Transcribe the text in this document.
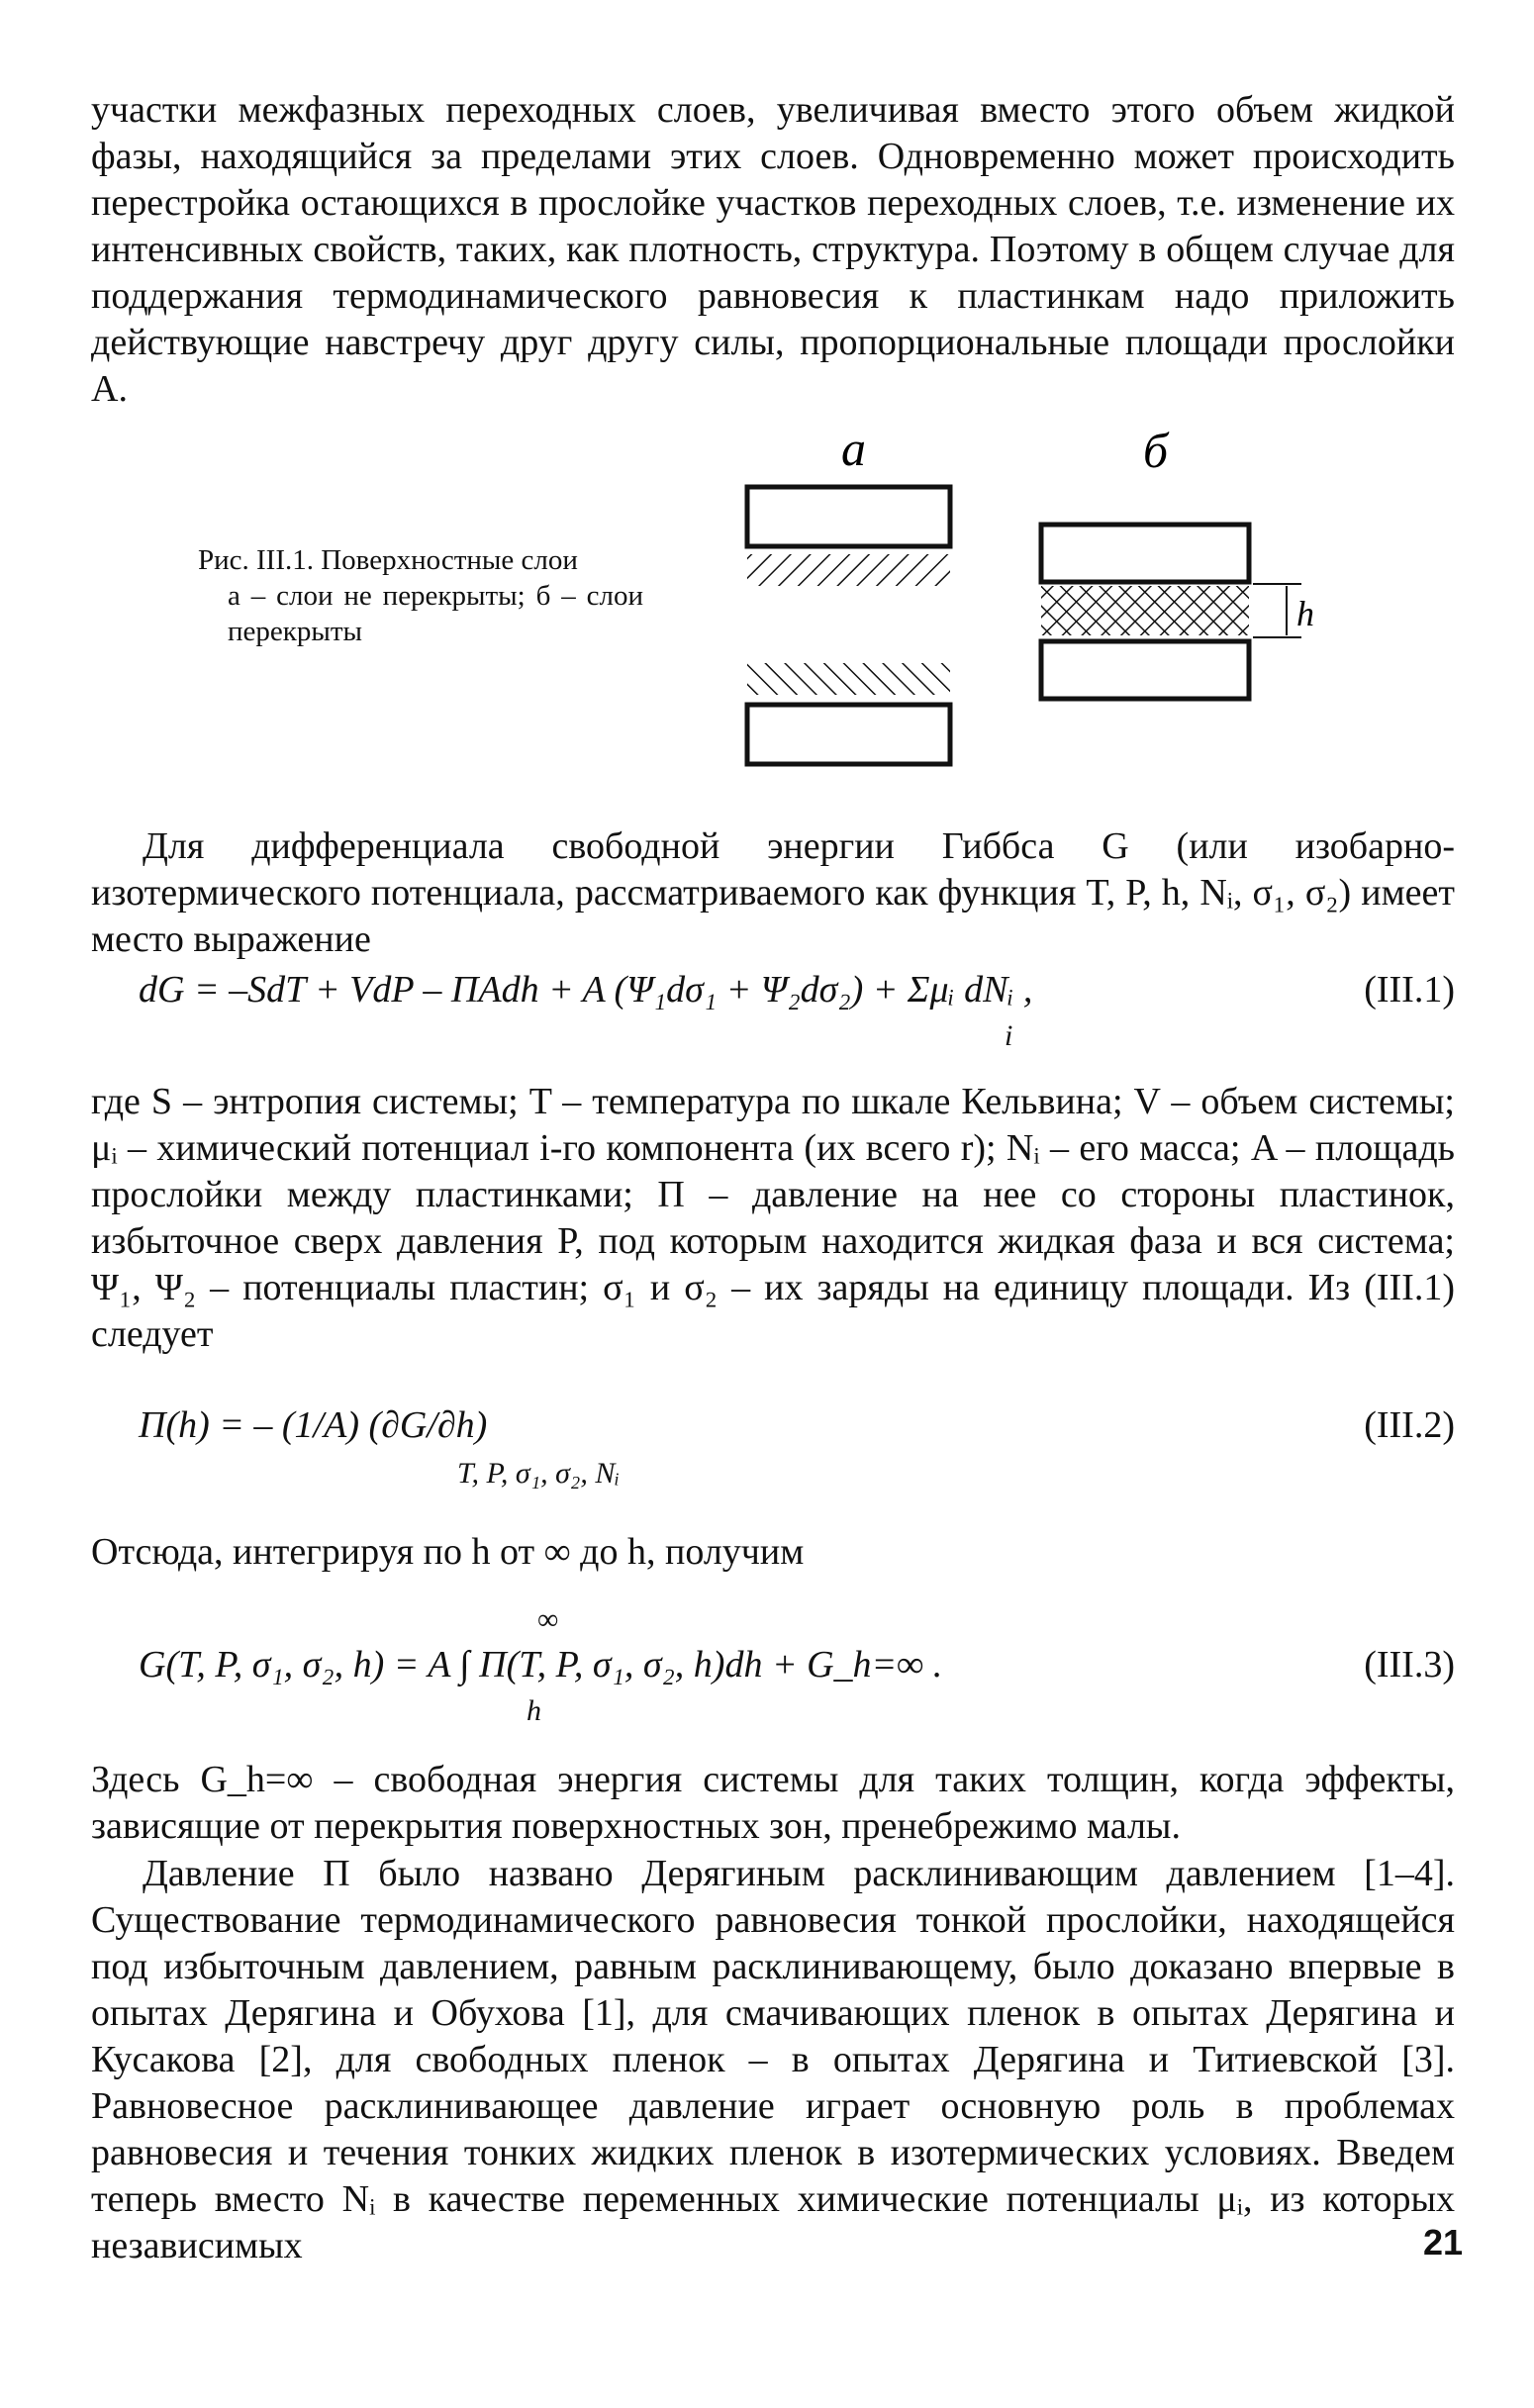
участки межфазных переходных слоев, увеличивая вместо этого объем жидкой фазы, находящийся за пределами этих слоев. Одновременно может происходить перестройка остающихся в прослойке участков переходных слоев, т.е. изменение их интенсивных свойств, таких, как плотность, структура. Поэтому в общем случае для поддержания термодинамического равновесия к пластинкам надо приложить действующие навстречу друг другу силы, пропорциональные площади прослойки A.

Рис. III.1. Поверхностные слои
а – слои не перекрыты; б – слои перекрыты
a	б
h

Для дифференциала свободной энергии Гиббса G (или изобарно-изотермического потенциала, рассматриваемого как функция T, P, h, Nᵢ, σ₁, σ₂) имеет место выражение

dG = –SdT + VdP – ΠAdh + A (Ψ₁dσ₁ + Ψ₂dσ₂) + Σμᵢ dNᵢ ,
i
(III.1)

где S – энтропия системы; T – температура по шкале Кельвина; V – объем системы; μᵢ – химический потенциал i-го компонента (их всего r); Nᵢ – его масса; A – площадь прослойки между пластинками; Π – давление на нее со стороны пластинок, избыточное сверх давления P, под которым находится жидкая фаза и вся система; Ψ₁, Ψ₂ – потенциалы пластин; σ₁ и σ₂ – их заряды на единицу площади. Из (III.1) следует

Π(h) = – (1/A) (∂G/∂h)
T, P, σ₁, σ₂, Nᵢ
(III.2)

Отсюда, интегрируя по h от ∞ до h, получим

∞
G(T, P, σ₁, σ₂, h) = A ∫ Π(T, P, σ₁, σ₂, h)dh + G_h=∞ .
h
(III.3)

Здесь G_h=∞ – свободная энергия системы для таких толщин, когда эффекты, зависящие от перекрытия поверхностных зон, пренебрежимо малы.

Давление Π было названо Дерягиным расклинивающим давлением [1–4]. Существование термодинамического равновесия тонкой прослойки, находящейся под избыточным давлением, равным расклинивающему, было доказано впервые в опытах Дерягина и Обухова [1], для смачивающих пленок в опытах Дерягина и Кусакова [2], для свободных пленок – в опытах Дерягина и Титиевской [3]. Равновесное расклинивающее давление играет основную роль в проблемах равновесия и течения тонких жидких пленок в изотермических условиях. Введем теперь вместо Nᵢ в качестве переменных химические потенциалы μᵢ, из которых независимых	21
